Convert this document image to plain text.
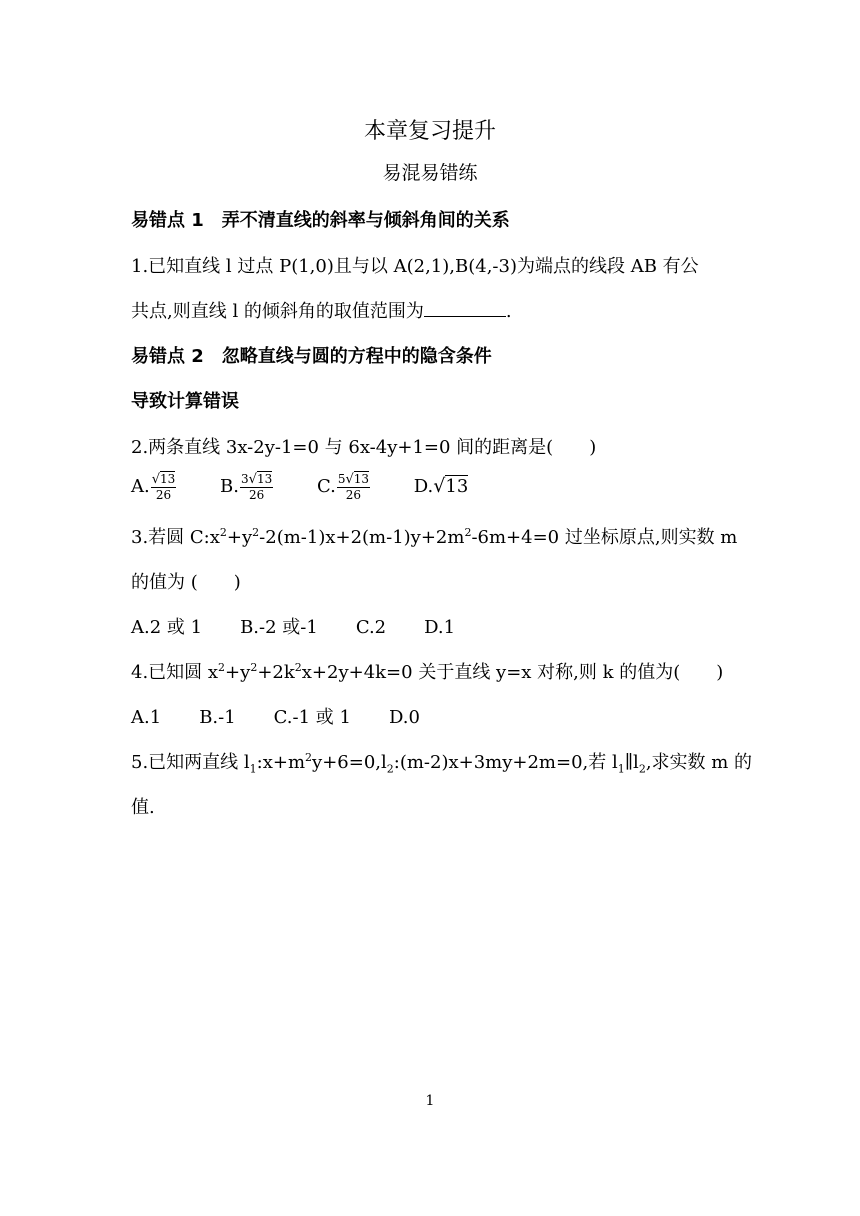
本章复习提升
易混易错练
易错点 1　弄不清直线的斜率与倾斜角间的关系
1.已知直线 l 过点 P(1,0)且与以 A(2,1),B(4,-3)为端点的线段 AB 有公
共点,则直线 l 的倾斜角的取值范围为	.
易错点 2　忽略直线与圆的方程中的隐含条件
导致计算错误
2.两条直线 3x-2y-1=0 与 6x-4y+1=0 间的距离是(　　)
A. $\frac{√13}{26} B$. $\frac{3√13}{26} C$. $\frac{5√13}{26} D.√13$
3.若圆 $C:x^2+y^2-2(m-1)x+2(m-1)y+2m^2-6m+4=0$ 过坐标原点,则实数 m
的值为 (　　)
A.2 或 1 B.-2 或-1 C.2 D.1
4.已知圆 $x^2+y^2+2k^2x+2y+4k=0$ 关于直线 y=x 对称,则 k 的值为(　　)
A.1 B.-1 C.-1 或 1 D.0
5.已知两直线 $l_1:x+m^2y+6=0,l_2:(m-2)x+3my+2m=0$,若 $l_1\parallel l_2$,求实数 m 的
值.
1
